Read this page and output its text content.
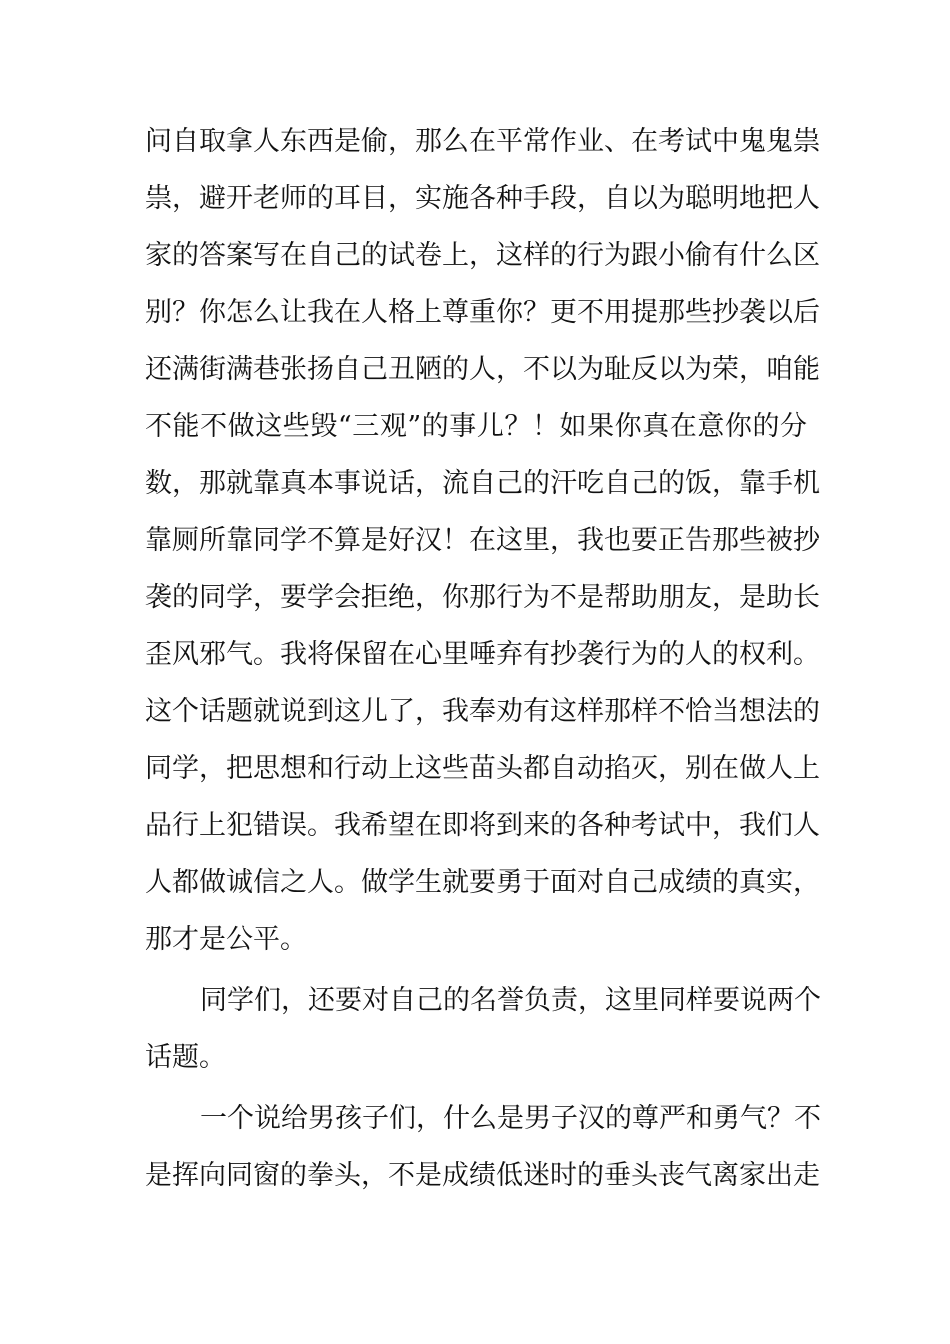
问自取拿人东西是偷，那么在平常作业、在考试中鬼鬼祟
祟，避开老师的耳目，实施各种手段，自以为聪明地把人
家的答案写在自己的试卷上，这样的行为跟小偷有什么区
别？你怎么让我在人格上尊重你？更不用提那些抄袭以后
还满街满巷张扬自己丑陋的人，不以为耻反以为荣，咱能
不能不做这些毁“三观”的事儿？！如果你真在意你的分
数，那就靠真本事说话，流自己的汗吃自己的饭，靠手机
靠厕所靠同学不算是好汉！在这里，我也要正告那些被抄
袭的同学，要学会拒绝，你那行为不是帮助朋友，是助长
歪风邪气。我将保留在心里唾弃有抄袭行为的人的权利。
这个话题就说到这儿了，我奉劝有这样那样不恰当想法的
同学，把思想和行动上这些苗头都自动掐灭，别在做人上
品行上犯错误。我希望在即将到来的各种考试中，我们人
人都做诚信之人。做学生就要勇于面对自己成绩的真实，
那才是公平。
同学们，还要对自己的名誉负责，这里同样要说两个
话题。
一个说给男孩子们，什么是男子汉的尊严和勇气？不
是挥向同窗的拳头，不是成绩低迷时的垂头丧气离家出走
